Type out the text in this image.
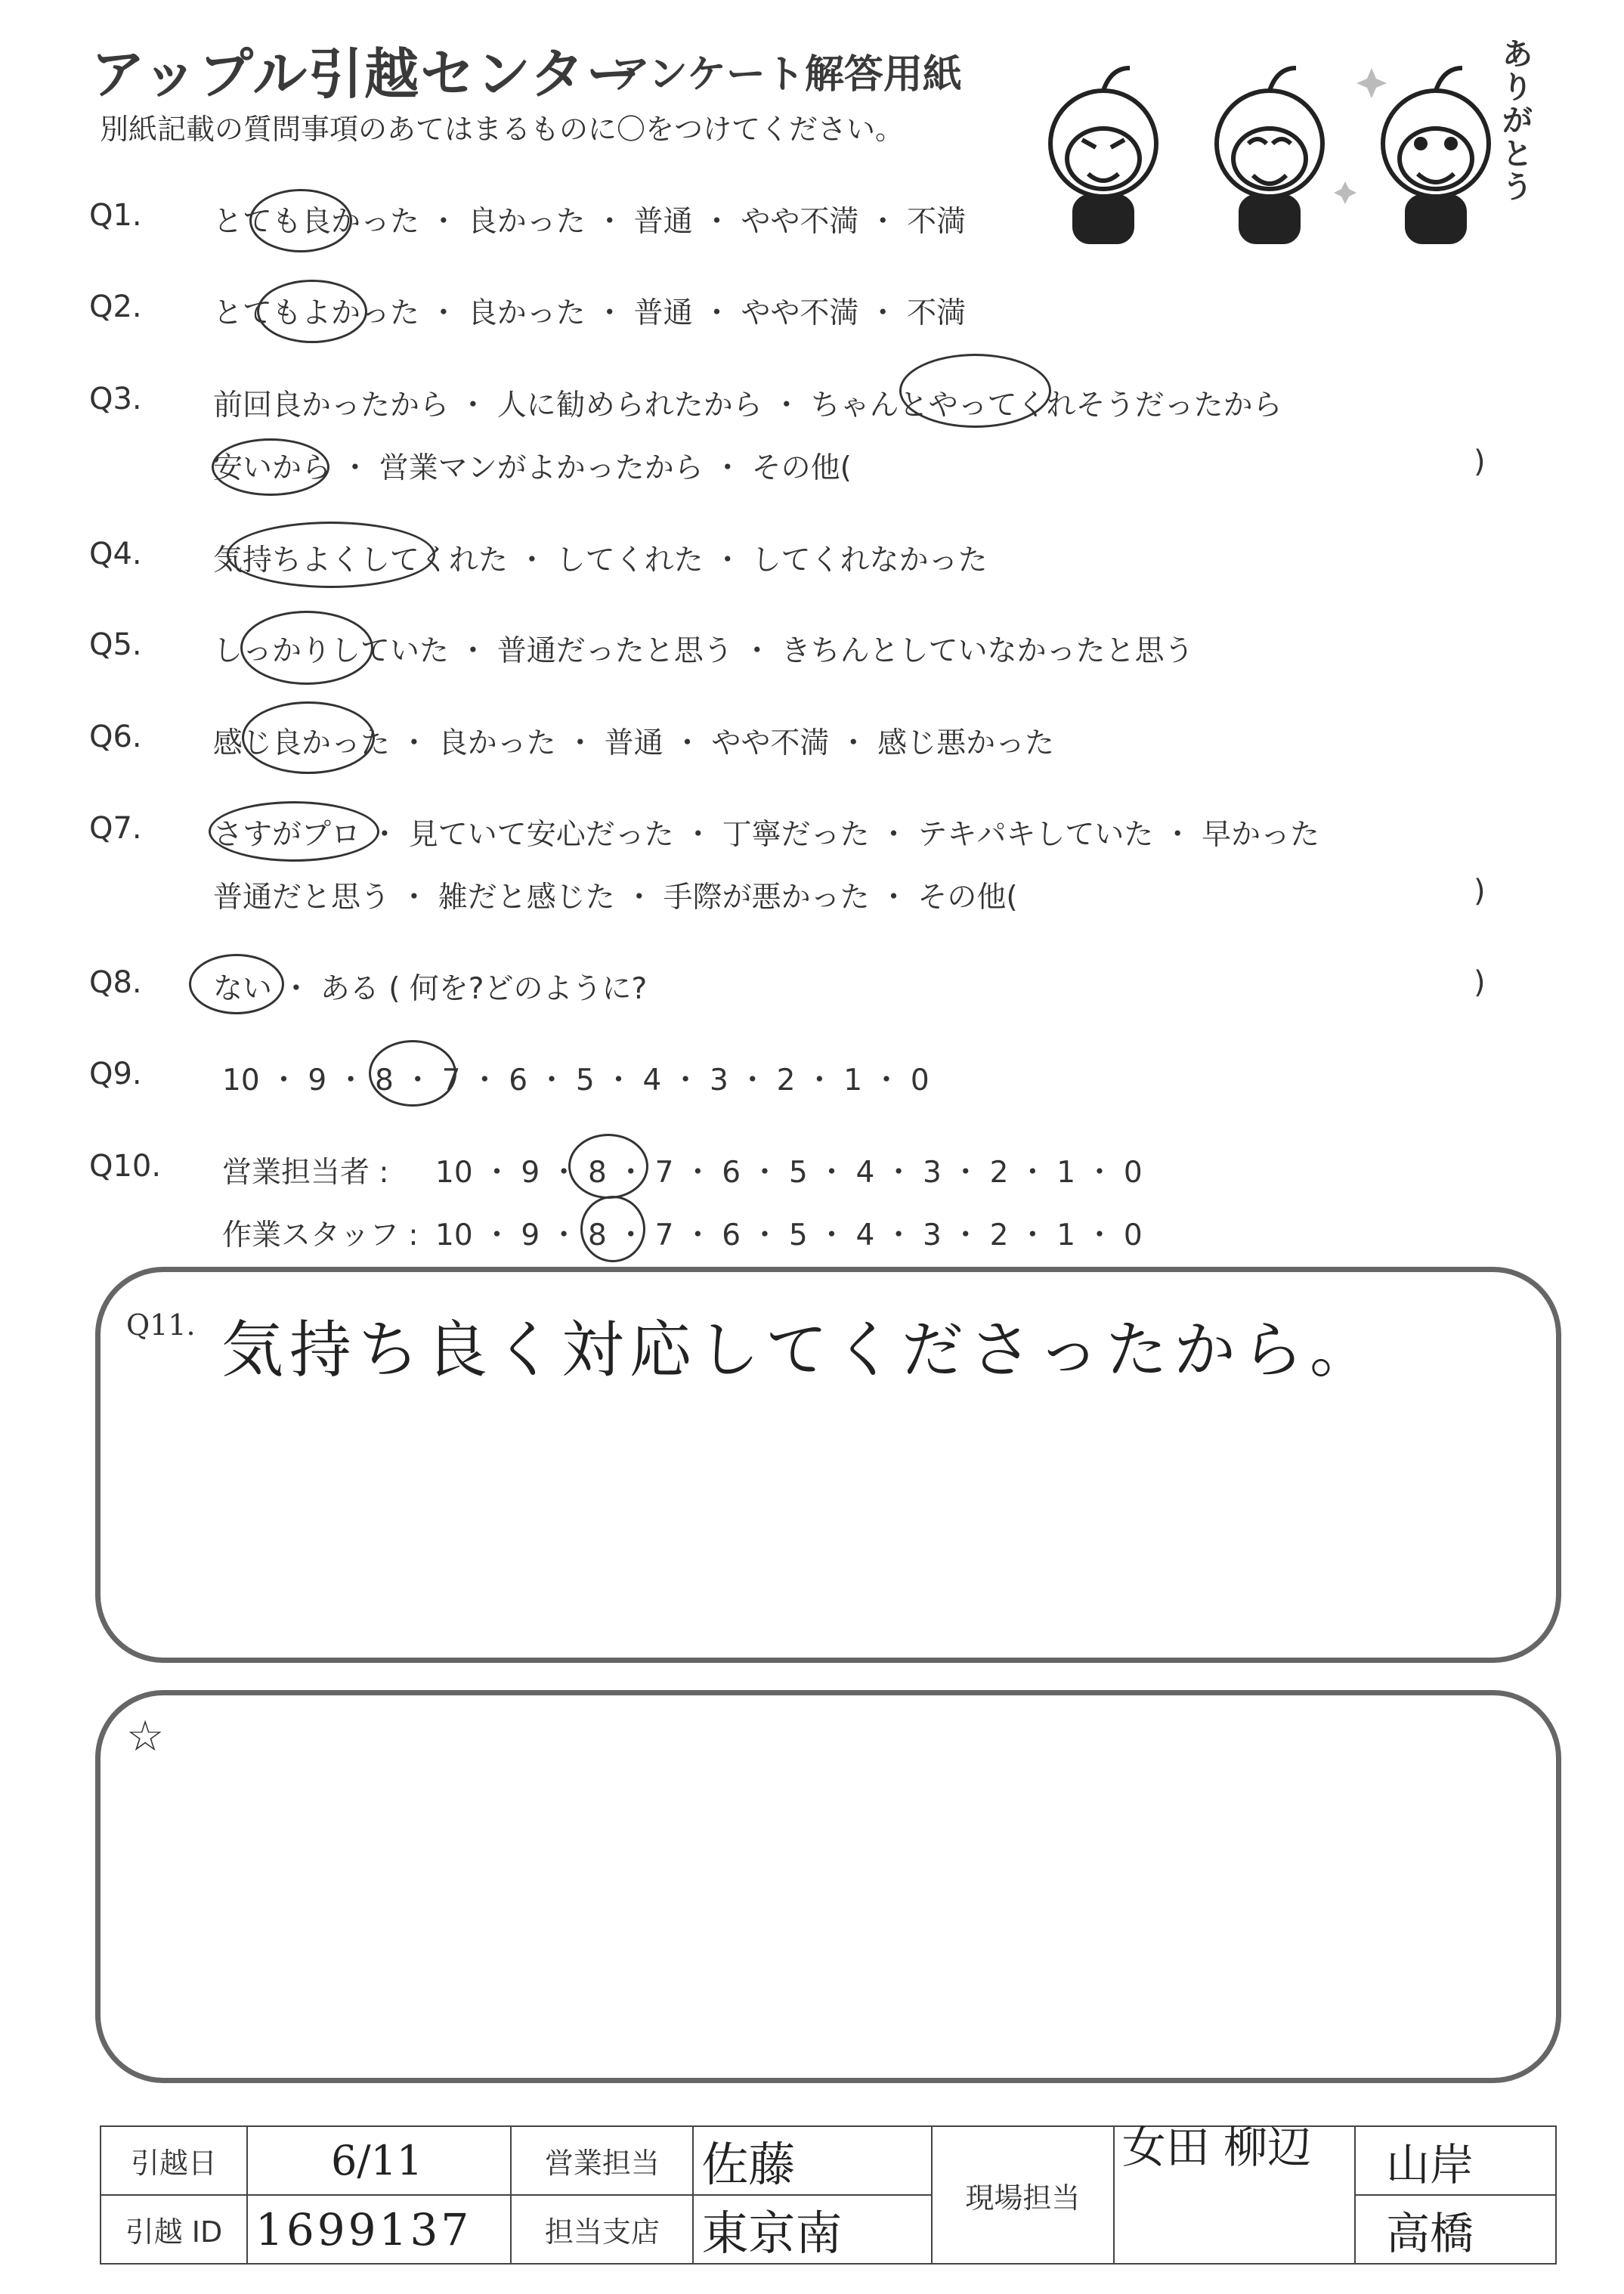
アップル引越センター
アンケート解答用紙
別紙記載の質問事項のあてはまるものに〇をつけてください。
ありがとう
Q1. とても良かった ・ 良かった ・ 普通 ・ やや不満 ・ 不満
Q2. とてもよかった ・ 良かった ・ 普通 ・ やや不満 ・ 不満
Q3. 前回良かったから ・ 人に勧められたから ・ ちゃんとやってくれそうだったから
安いから ・ 営業マンがよかったから ・ その他(	)
Q4. 気持ちよくしてくれた ・ してくれた ・ してくれなかった
Q5. しっかりしていた ・ 普通だったと思う ・ きちんとしていなかったと思う
Q6. 感じ良かった ・ 良かった ・ 普通 ・ やや不満 ・ 感じ悪かった
Q7. さすがプロ ・ 見ていて安心だった ・ 丁寧だった ・ テキパキしていた ・ 早かった
普通だと思う ・ 雑だと感じた ・ 手際が悪かった ・ その他(	)
Q8. ない ・ ある ( 何を?どのように?	)
Q9.	10 ・ 9 ・ 8 ・ 7 ・ 6 ・ 5 ・ 4 ・ 3 ・ 2 ・ 1 ・ 0
Q10. 営業担当者 : 10 ・ 9 ・ 8 ・ 7 ・ 6 ・ 5 ・ 4 ・ 3 ・ 2 ・ 1 ・ 0
作業スタッフ : 10 ・ 9 ・ 8 ・ 7 ・ 6 ・ 5 ・ 4 ・ 3 ・ 2 ・ 1 ・ 0
Q11. 気持ち良く対応してくださったから。
☆
引越日	6/11	営業担当	佐藤	現場担当	女田 柳辺	山岸
引越 ID	1699137	担当支店	東京南			高橋
